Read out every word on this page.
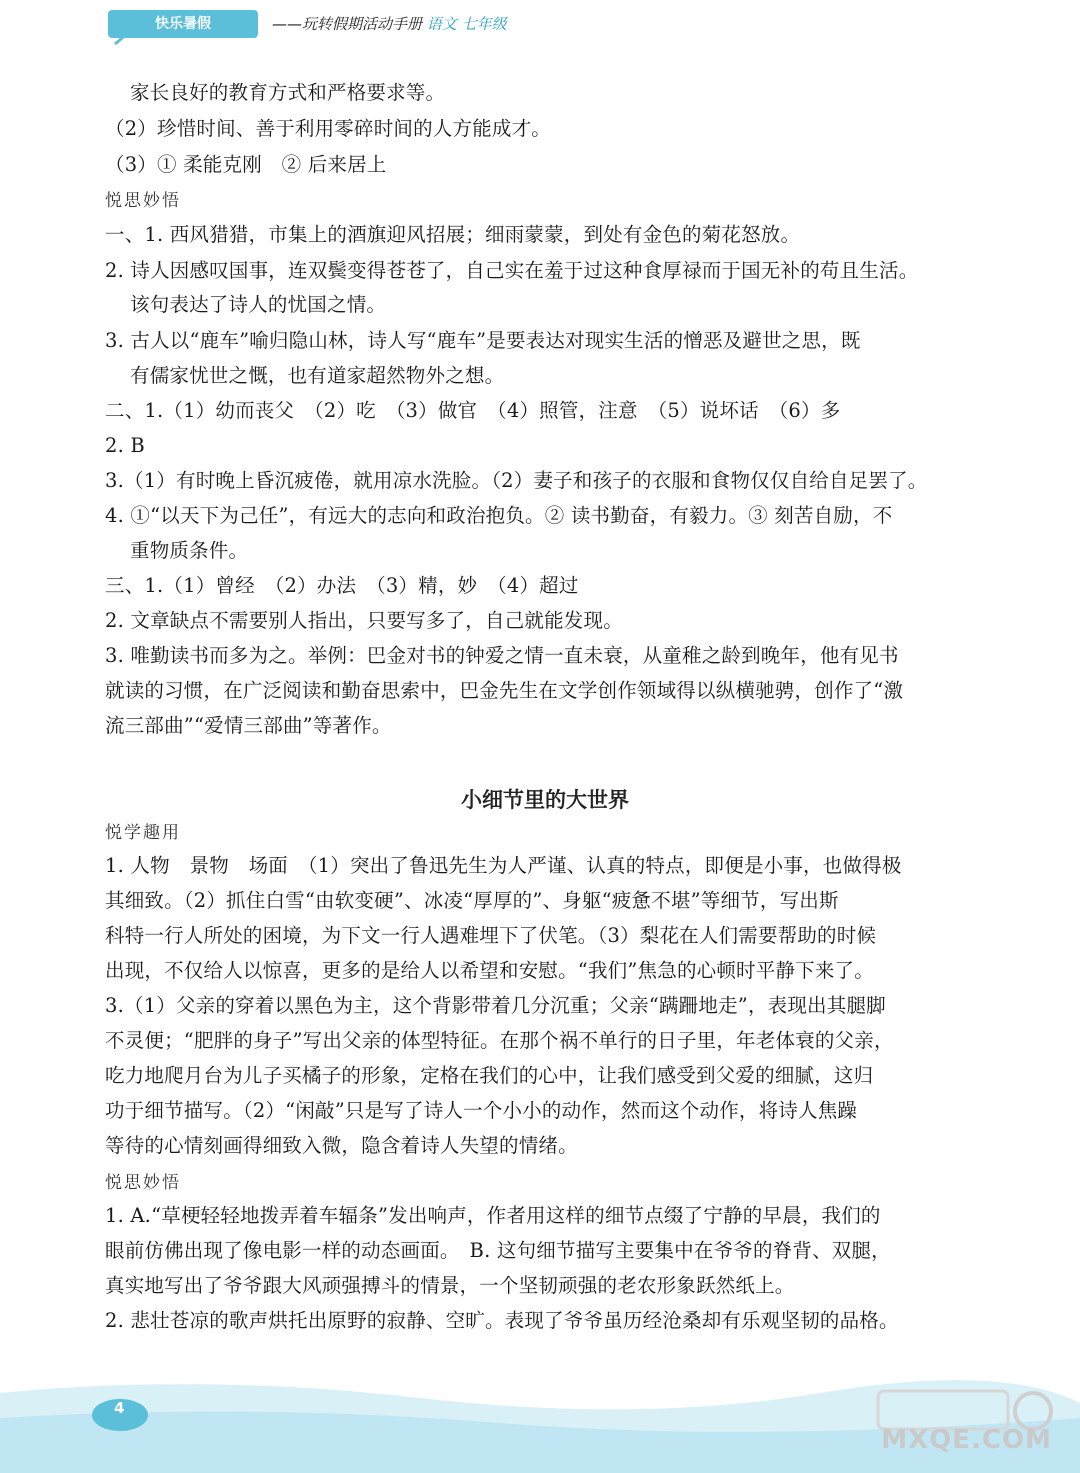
快乐暑假	——玩转假期活动手册 语文 七年级
家长良好的教育方式和严格要求等。
（2）珍惜时间、善于利用零碎时间的人方能成才。
（3）① 柔能克刚　② 后来居上
悦思妙悟
一、1. 西风猎猎，市集上的酒旗迎风招展；细雨蒙蒙，到处有金色的菊花怒放。
2. 诗人因感叹国事，连双鬓变得苍苍了，自己实在羞于过这种食厚禄而于国无补的苟且生活。
该句表达了诗人的忧国之情。
3. 古人以“鹿车”喻归隐山林，诗人写“鹿车”是要表达对现实生活的憎恶及避世之思，既
有儒家忧世之慨，也有道家超然物外之想。
二、1.（1）幼而丧父　（2）吃　（3）做官　（4）照管，注意　（5）说坏话　（6）多
2. B
3.（1）有时晚上昏沉疲倦，就用凉水洗脸。（2）妻子和孩子的衣服和食物仅仅自给自足罢了。
4. ①“以天下为己任”，有远大的志向和政治抱负。② 读书勤奋，有毅力。③ 刻苦自励，不
重物质条件。
三、1.（1）曾经　（2）办法　（3）精，妙　（4）超过
2. 文章缺点不需要别人指出，只要写多了，自己就能发现。
3. 唯勤读书而多为之。举例：巴金对书的钟爱之情一直未衰，从童稚之龄到晚年，他有见书
就读的习惯，在广泛阅读和勤奋思索中，巴金先生在文学创作领域得以纵横驰骋，创作了“激
流三部曲”“爱情三部曲”等著作。
小细节里的大世界
悦学趣用
1. 人物　景物　场面　（1）突出了鲁迅先生为人严谨、认真的特点，即便是小事，也做得极
其细致。（2）抓住白雪“由软变硬”、冰凌“厚厚的”、身躯“疲惫不堪”等细节，写出斯
科特一行人所处的困境，为下文一行人遇难埋下了伏笔。（3）梨花在人们需要帮助的时候
出现，不仅给人以惊喜，更多的是给人以希望和安慰。“我们”焦急的心顿时平静下来了。
3.（1）父亲的穿着以黑色为主，这个背影带着几分沉重；父亲“蹒跚地走”，表现出其腿脚
不灵便；“肥胖的身子”写出父亲的体型特征。在那个祸不单行的日子里，年老体衰的父亲，
吃力地爬月台为儿子买橘子的形象，定格在我们的心中，让我们感受到父爱的细腻，这归
功于细节描写。（2）“闲敲”只是写了诗人一个小小的动作，然而这个动作，将诗人焦躁
等待的心情刻画得细致入微，隐含着诗人失望的情绪。
悦思妙悟
1. A.“草梗轻轻地拨弄着车辐条”发出响声，作者用这样的细节点缀了宁静的早晨，我们的
眼前仿佛出现了像电影一样的动态画面。　B. 这句细节描写主要集中在爷爷的脊背、双腿，
真实地写出了爷爷跟大风顽强搏斗的情景，一个坚韧顽强的老农形象跃然纸上。
2. 悲壮苍凉的歌声烘托出原野的寂静、空旷。表现了爷爷虽历经沧桑却有乐观坚韧的品格。
4
MXQE.COM
